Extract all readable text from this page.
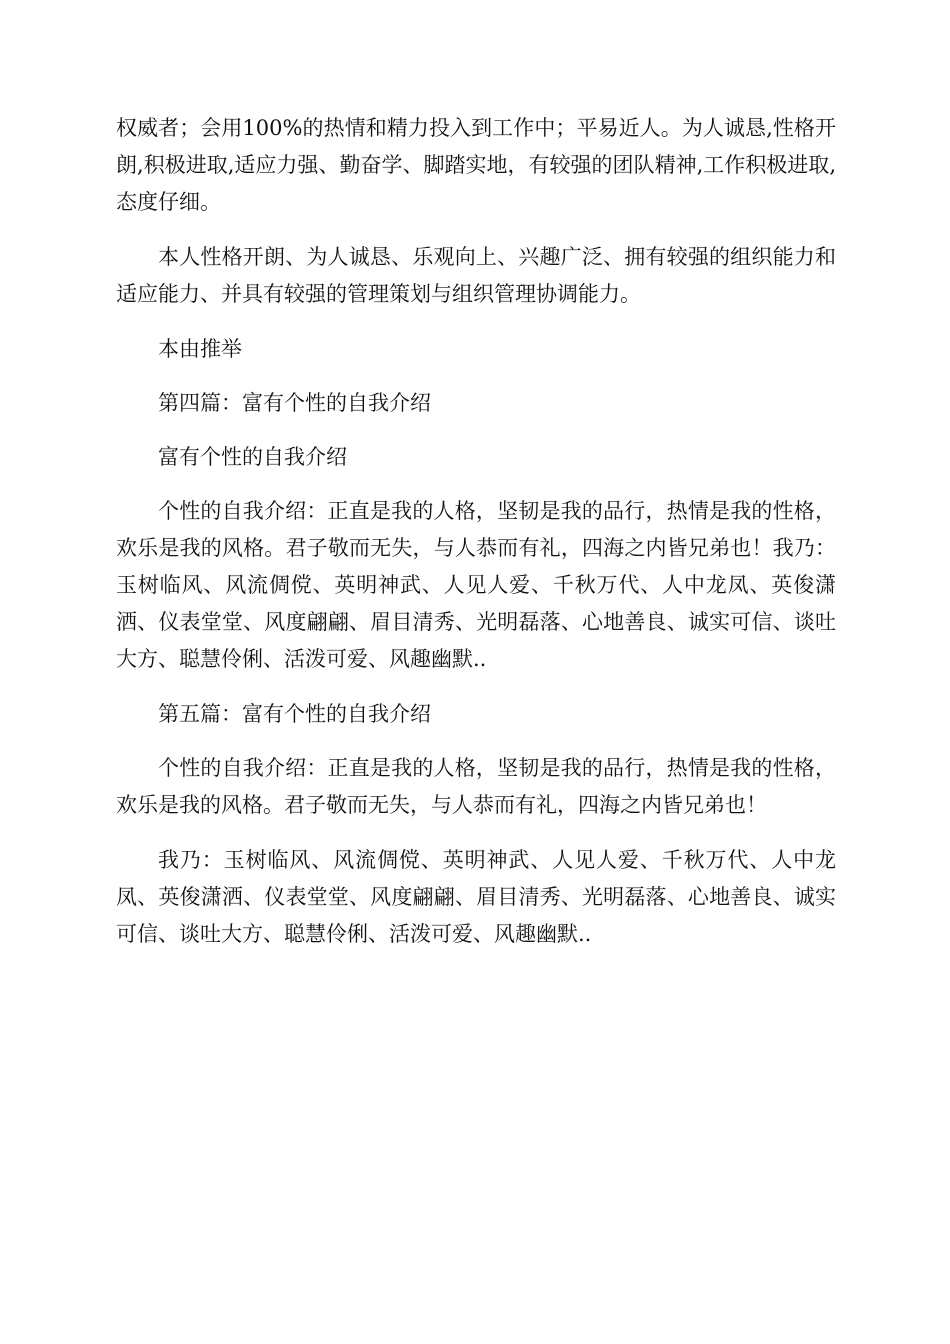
权威者；会用100%的热情和精力投入到工作中；平易近人。为人诚恳,性格开朗,积极进取,适应力强、勤奋学、脚踏实地，有较强的团队精神,工作积极进取,态度仔细。

本人性格开朗、为人诚恳、乐观向上、兴趣广泛、拥有较强的组织能力和适应能力、并具有较强的管理策划与组织管理协调能力。

本由推举

第四篇：富有个性的自我介绍

富有个性的自我介绍

个性的自我介绍：正直是我的人格，坚韧是我的品行，热情是我的性格，欢乐是我的风格。君子敬而无失，与人恭而有礼，四海之内皆兄弟也！我乃：玉树临风、风流倜傥、英明神武、人见人爱、千秋万代、人中龙凤、英俊潇洒、仪表堂堂、风度翩翩、眉目清秀、光明磊落、心地善良、诚实可信、谈吐大方、聪慧伶俐、活泼可爱、风趣幽默..

第五篇：富有个性的自我介绍

个性的自我介绍：正直是我的人格，坚韧是我的品行，热情是我的性格，欢乐是我的风格。君子敬而无失，与人恭而有礼，四海之内皆兄弟也！

我乃：玉树临风、风流倜傥、英明神武、人见人爱、千秋万代、人中龙凤、英俊潇洒、仪表堂堂、风度翩翩、眉目清秀、光明磊落、心地善良、诚实可信、谈吐大方、聪慧伶俐、活泼可爱、风趣幽默..
